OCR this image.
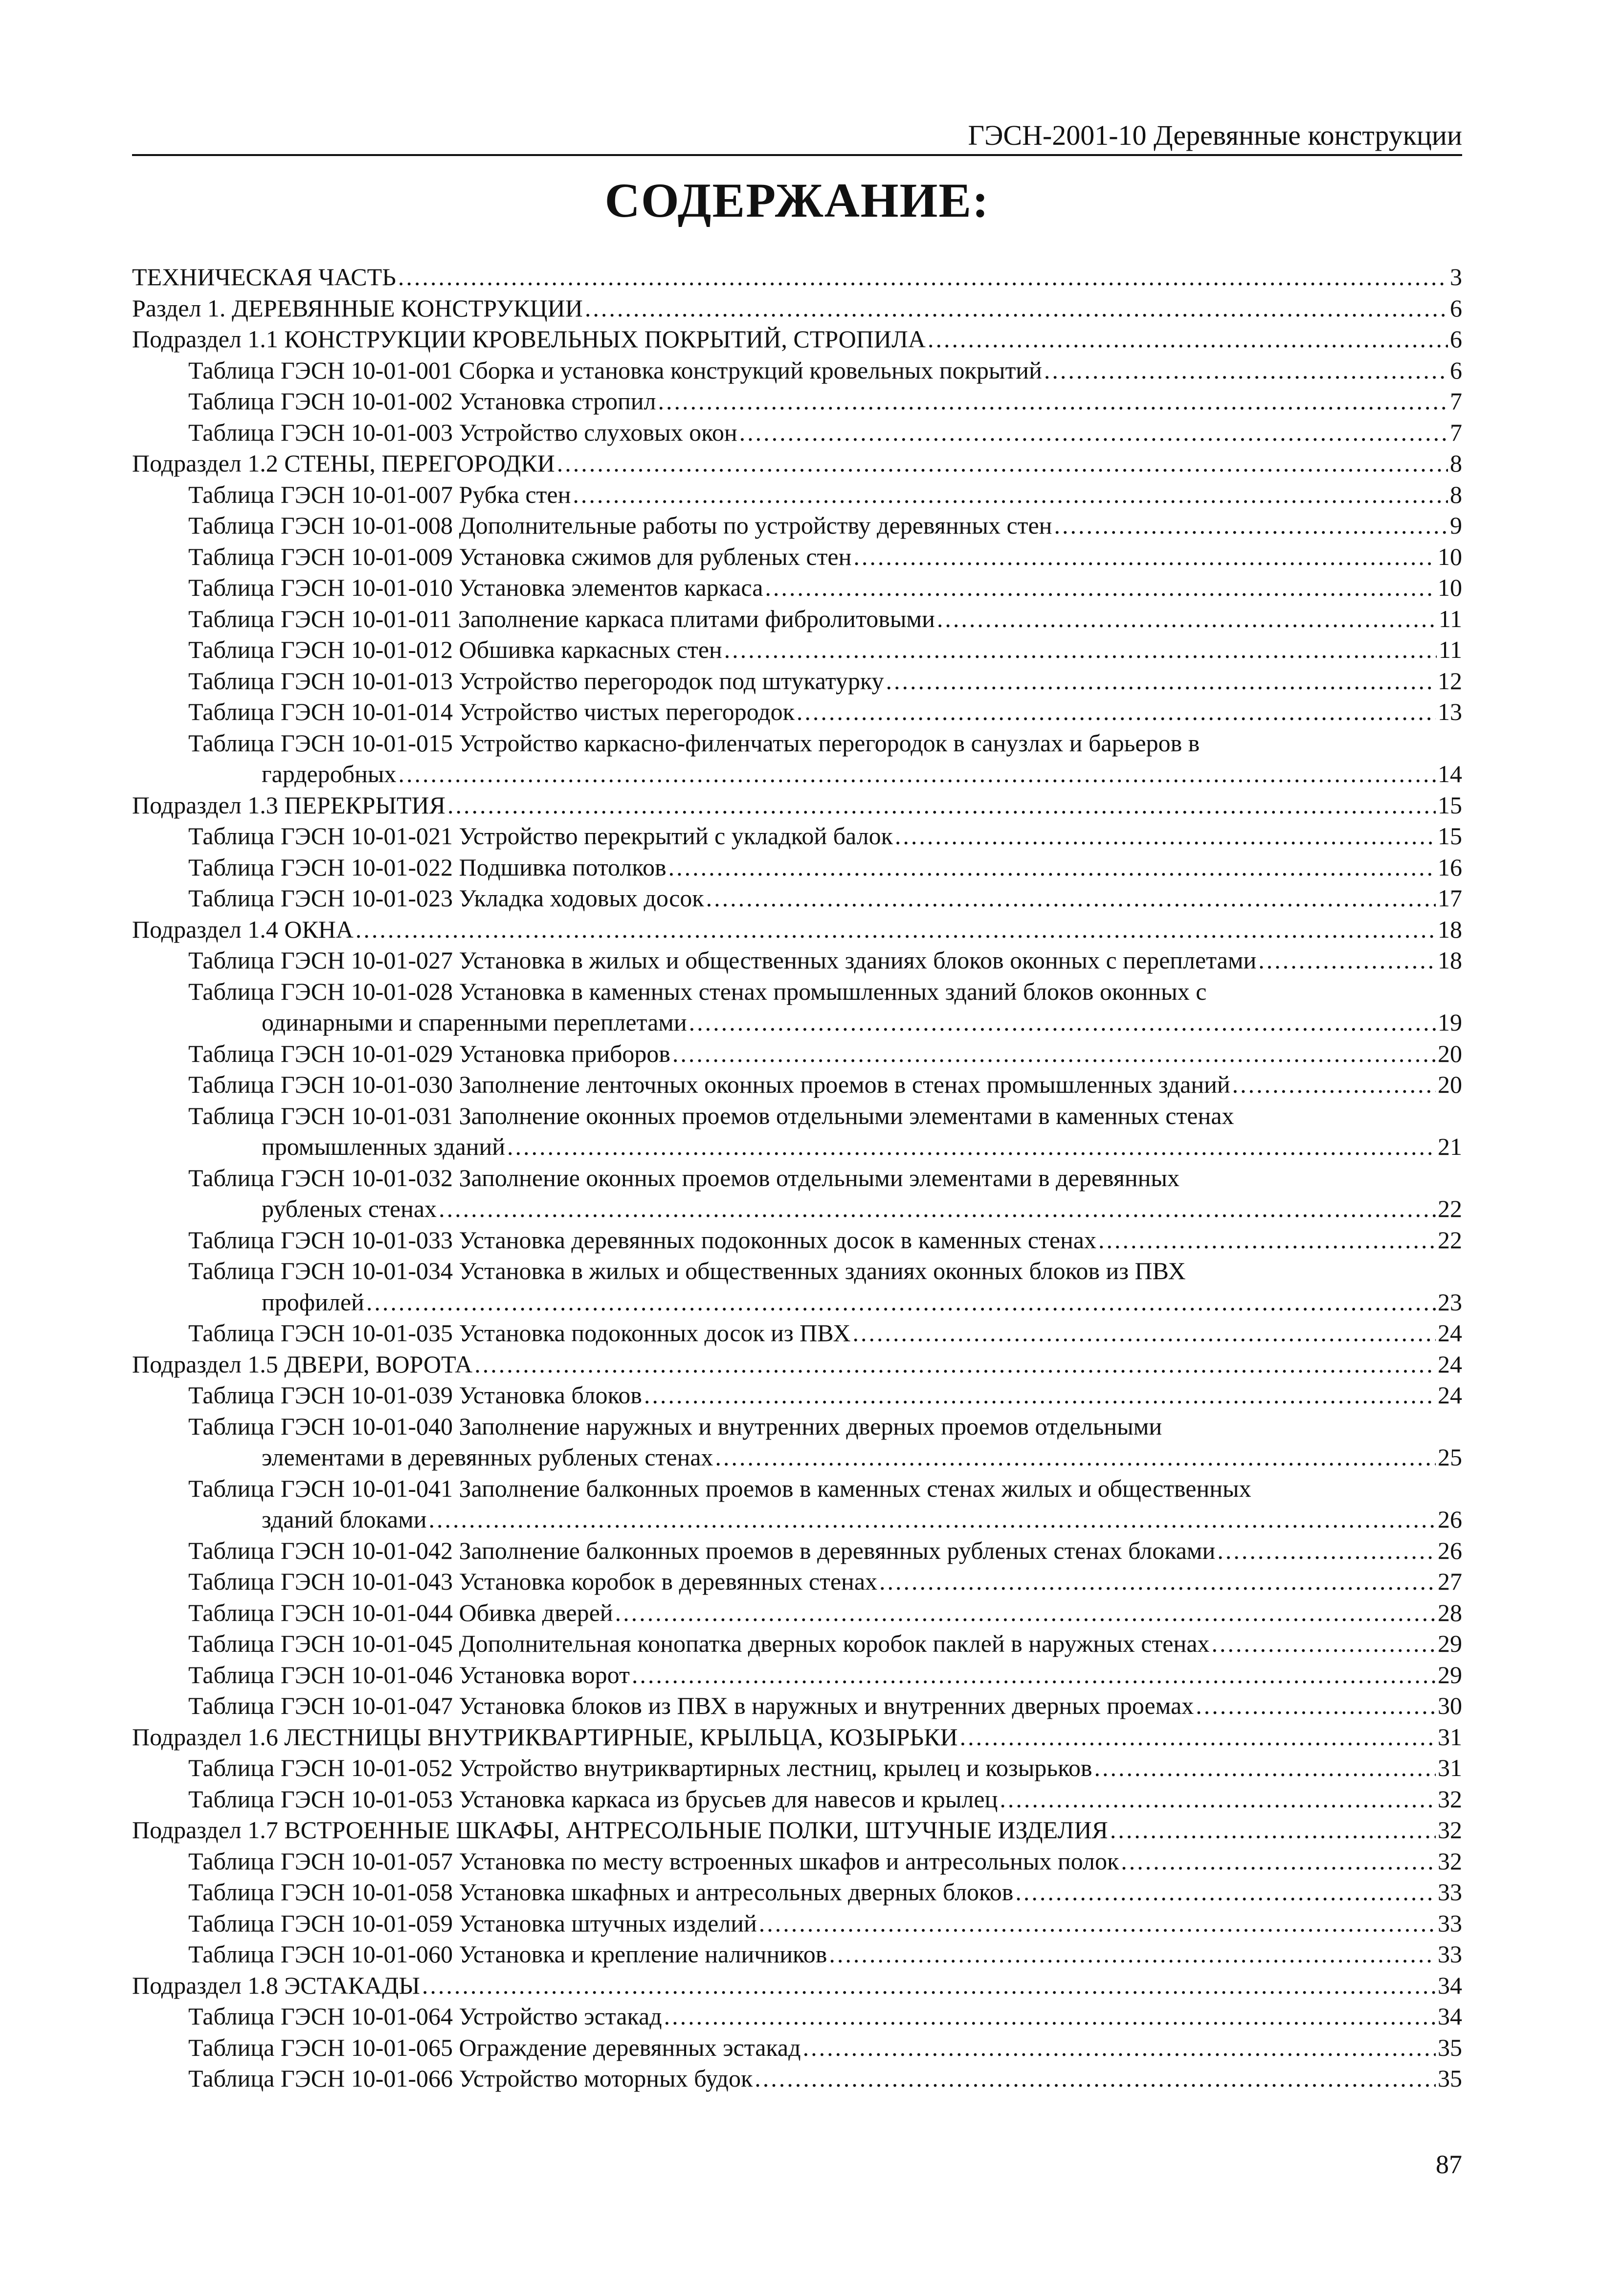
ГЭСН-2001-10 Деревянные конструкции
СОДЕРЖАНИЕ:
ТЕХНИЧЕСКАЯ ЧАСТЬ .....	3
Раздел 1. ДЕРЕВЯННЫЕ КОНСТРУКЦИИ .....	6
Подраздел 1.1 КОНСТРУКЦИИ КРОВЕЛЬНЫХ ПОКРЫТИЙ, СТРОПИЛА .....	6
Таблица ГЭСН 10-01-001 Сборка и установка конструкций кровельных покрытий .....	6
Таблица ГЭСН 10-01-002 Установка стропил .....	7
Таблица ГЭСН 10-01-003 Устройство слуховых окон .....	7
Подраздел 1.2 СТЕНЫ, ПЕРЕГОРОДКИ .....	8
Таблица ГЭСН 10-01-007 Рубка стен .....	8
Таблица ГЭСН 10-01-008 Дополнительные работы по устройству деревянных стен .....	9
Таблица ГЭСН 10-01-009 Установка сжимов для рубленых стен .....	10
Таблица ГЭСН 10-01-010 Установка элементов каркаса .....	10
Таблица ГЭСН 10-01-011 Заполнение каркаса плитами фибролитовыми .....	11
Таблица ГЭСН 10-01-012 Обшивка каркасных стен .....	11
Таблица ГЭСН 10-01-013 Устройство перегородок под штукатурку .....	12
Таблица ГЭСН 10-01-014 Устройство чистых перегородок .....	13
Таблица ГЭСН 10-01-015 Устройство каркасно-филенчатых перегородок в санузлах и барьеров в
гардеробных .....	14
Подраздел 1.3 ПЕРЕКРЫТИЯ .....	15
Таблица ГЭСН 10-01-021 Устройство перекрытий с укладкой балок .....	15
Таблица ГЭСН 10-01-022 Подшивка потолков .....	16
Таблица ГЭСН 10-01-023 Укладка ходовых досок .....	17
Подраздел 1.4 ОКНА .....	18
Таблица ГЭСН 10-01-027 Установка в жилых и общественных зданиях блоков оконных с переплетами .....	18
Таблица ГЭСН 10-01-028 Установка в каменных стенах промышленных зданий блоков оконных с
одинарными и спаренными переплетами .....	19
Таблица ГЭСН 10-01-029 Установка приборов .....	20
Таблица ГЭСН 10-01-030 Заполнение ленточных оконных проемов в стенах промышленных зданий .....	20
Таблица ГЭСН 10-01-031 Заполнение оконных проемов отдельными элементами в каменных стенах
промышленных зданий .....	21
Таблица ГЭСН 10-01-032 Заполнение оконных проемов отдельными элементами в деревянных
рубленых стенах .....	22
Таблица ГЭСН 10-01-033 Установка деревянных подоконных досок в каменных стенах .....	22
Таблица ГЭСН 10-01-034 Установка в жилых и общественных зданиях оконных блоков из ПВХ
профилей .....	23
Таблица ГЭСН 10-01-035 Установка подоконных досок из ПВХ .....	24
Подраздел 1.5 ДВЕРИ, ВОРОТА .....	24
Таблица ГЭСН 10-01-039 Установка блоков .....	24
Таблица ГЭСН 10-01-040 Заполнение наружных и внутренних дверных проемов отдельными
элементами в деревянных рубленых стенах .....	25
Таблица ГЭСН 10-01-041 Заполнение балконных проемов в каменных стенах жилых и общественных
зданий блоками .....	26
Таблица ГЭСН 10-01-042 Заполнение балконных проемов в деревянных рубленых стенах блоками .....	26
Таблица ГЭСН 10-01-043 Установка коробок в деревянных стенах .....	27
Таблица ГЭСН 10-01-044 Обивка дверей .....	28
Таблица ГЭСН 10-01-045 Дополнительная конопатка дверных коробок паклей в наружных стенах .....	29
Таблица ГЭСН 10-01-046 Установка ворот .....	29
Таблица ГЭСН 10-01-047 Установка блоков из ПВХ в наружных и внутренних дверных проемах .....	30
Подраздел 1.6 ЛЕСТНИЦЫ ВНУТРИКВАРТИРНЫЕ, КРЫЛЬЦА, КОЗЫРЬКИ .....	31
Таблица ГЭСН 10-01-052 Устройство внутриквартирных лестниц, крылец и козырьков .....	31
Таблица ГЭСН 10-01-053 Установка каркаса из брусьев для навесов и крылец .....	32
Подраздел 1.7 ВСТРОЕННЫЕ ШКАФЫ, АНТРЕСОЛЬНЫЕ ПОЛКИ, ШТУЧНЫЕ ИЗДЕЛИЯ .....	32
Таблица ГЭСН 10-01-057 Установка по месту встроенных шкафов и антресольных полок .....	32
Таблица ГЭСН 10-01-058 Установка шкафных и антресольных дверных блоков .....	33
Таблица ГЭСН 10-01-059 Установка штучных изделий .....	33
Таблица ГЭСН 10-01-060 Установка и крепление наличников .....	33
Подраздел 1.8 ЭСТАКАДЫ .....	34
Таблица ГЭСН 10-01-064 Устройство эстакад .....	34
Таблица ГЭСН 10-01-065 Ограждение деревянных эстакад .....	35
Таблица ГЭСН 10-01-066 Устройство моторных будок .....	35
87
